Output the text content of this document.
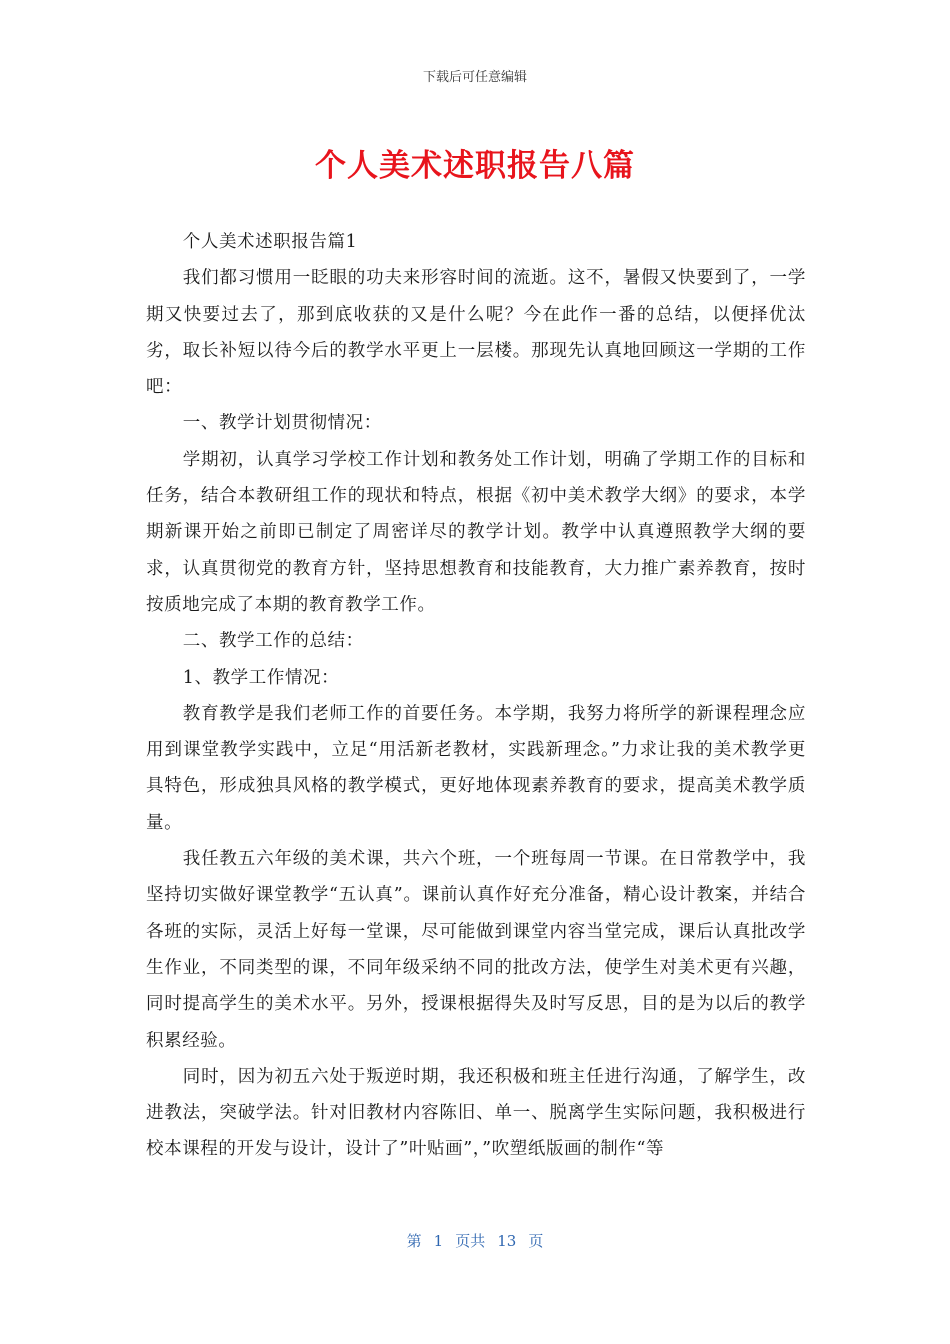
下载后可任意编辑
个人美术述职报告八篇

个人美术述职报告篇1

我们都习惯用一眨眼的功夫来形容时间的流逝。这不，暑假又快要到了，一学期又快要过去了，那到底收获的又是什么呢？今在此作一番的总结，以便择优汰劣，取长补短以待今后的教学水平更上一层楼。那现先认真地回顾这一学期的工作吧：

一、教学计划贯彻情况：

学期初，认真学习学校工作计划和教务处工作计划，明确了学期工作的目标和任务，结合本教研组工作的现状和特点，根据《初中美术教学大纲》的要求，本学期新课开始之前即已制定了周密详尽的教学计划。教学中认真遵照教学大纲的要求，认真贯彻党的教育方针，坚持思想教育和技能教育，大力推广素养教育，按时按质地完成了本期的教育教学工作。

二、教学工作的总结：

1、教学工作情况：

教育教学是我们老师工作的首要任务。本学期，我努力将所学的新课程理念应用到课堂教学实践中，立足“用活新老教材，实践新理念。”力求让我的美术教学更具特色，形成独具风格的教学模式，更好地体现素养教育的要求，提高美术教学质量。

我任教五六年级的美术课，共六个班，一个班每周一节课。在日常教学中，我坚持切实做好课堂教学“五认真”。课前认真作好充分准备，精心设计教案，并结合各班的实际，灵活上好每一堂课，尽可能做到课堂内容当堂完成，课后认真批改学生作业，不同类型的课，不同年级采纳不同的批改方法，使学生对美术更有兴趣，同时提高学生的美术水平。另外，授课根据得失及时写反思，目的是为以后的教学积累经验。

同时，因为初五六处于叛逆时期，我还积极和班主任进行沟通，了解学生，改进教法，突破学法。针对旧教材内容陈旧、单一、脱离学生实际问题，我积极进行校本课程的开发与设计，设计了”叶贴画”，”吹塑纸版画的制作“等

第 1 页共 13 页
